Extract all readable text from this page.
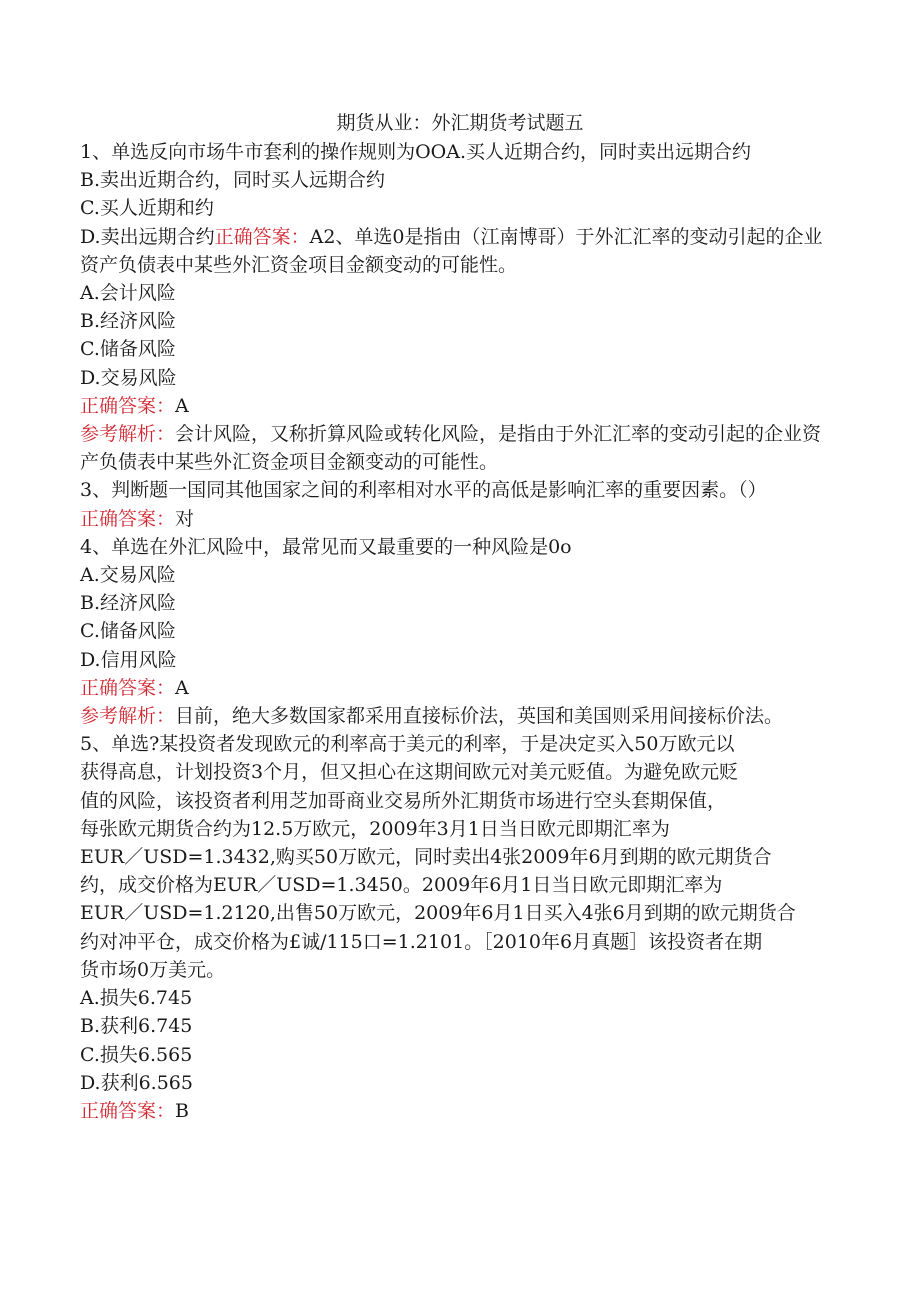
期货从业：外汇期货考试题五

1、单选反向市场牛市套利的操作规则为OOA.买人近期合约，同时卖出远期合约

B.卖出近期合约，同时买人远期合约

C.买人近期和约

D.卖出远期合约正确答案：A2、单选0是指由（江南博哥）于外汇汇率的变动引起的企业资产负债表中某些外汇资金项目金额变动的可能性。

A.会计风险

B.经济风险

C.储备风险

D.交易风险

正确答案：A

参考解析：会计风险，又称折算风险或转化风险，是指由于外汇汇率的变动引起的企业资产负债表中某些外汇资金项目金额变动的可能性。

3、判断题一国同其他国家之间的利率相对水平的高低是影响汇率的重要因素。（）

正确答案：对

4、单选在外汇风险中，最常见而又最重要的一种风险是0o

A.交易风险

B.经济风险

C.储备风险

D.信用风险

正确答案：A

参考解析：目前，绝大多数国家都采用直接标价法，英国和美国则采用间接标价法。

5、单选?某投资者发现欧元的利率高于美元的利率，于是决定买入50万欧元以

获得高息，计划投资3个月，但又担心在这期间欧元对美元贬值。为避免欧元贬

值的风险，该投资者利用芝加哥商业交易所外汇期货市场进行空头套期保值，

每张欧元期货合约为12.5万欧元，2009年3月1日当日欧元即期汇率为

EUR／USD=1.3432,购买50万欧元，同时卖出4张2009年6月到期的欧元期货合

约，成交价格为EUR／USD=1.3450。2009年6月1日当日欧元即期汇率为

EUR／USD=1.2120,出售50万欧元，2009年6月1日买入4张6月到期的欧元期货合

约对冲平仓，成交价格为£诚/115口=1.2101。［2010年6月真题］该投资者在期

货市场0万美元。

A.损失6.745

B.获利6.745

C.损失6.565

D.获利6.565

正确答案：B
